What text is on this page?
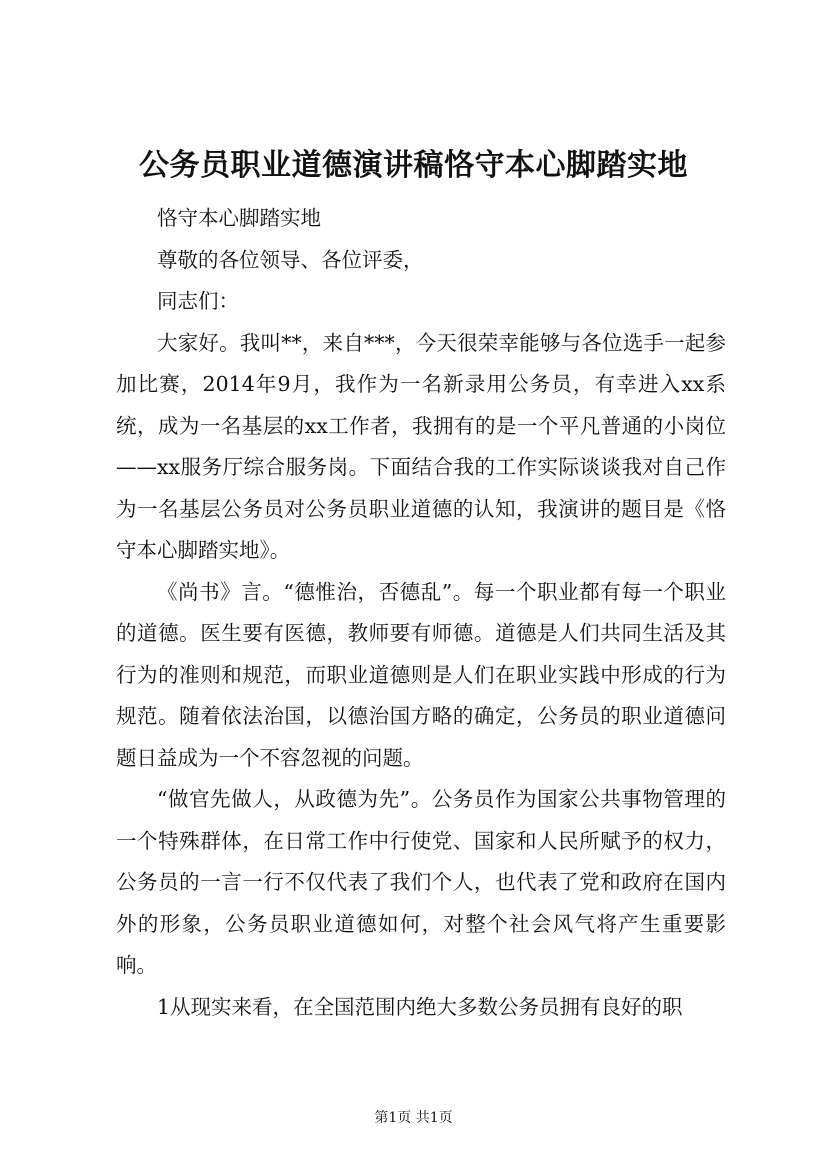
公务员职业道德演讲稿恪守本心脚踏实地

恪守本心脚踏实地

尊敬的各位领导、各位评委，

同志们：

大家好。我叫**，来自***，今天很荣幸能够与各位选手一起参加比赛，2014年9月，我作为一名新录用公务员，有幸进入xx系统，成为一名基层的xx工作者，我拥有的是一个平凡普通的小岗位——xx服务厅综合服务岗。下面结合我的工作实际谈谈我对自己作为一名基层公务员对公务员职业道德的认知，我演讲的题目是《恪守本心脚踏实地》。

《尚书》言。“德惟治，否德乱”。每一个职业都有每一个职业的道德。医生要有医德，教师要有师德。道德是人们共同生活及其行为的准则和规范，而职业道德则是人们在职业实践中形成的行为规范。随着依法治国，以德治国方略的确定，公务员的职业道德问题日益成为一个不容忽视的问题。

“做官先做人，从政德为先”。公务员作为国家公共事物管理的一个特殊群体，在日常工作中行使党、国家和人民所赋予的权力，公务员的一言一行不仅代表了我们个人，也代表了党和政府在国内外的形象，公务员职业道德如何，对整个社会风气将产生重要影响。

1从现实来看，在全国范围内绝大多数公务员拥有良好的职

第1页 共1页
